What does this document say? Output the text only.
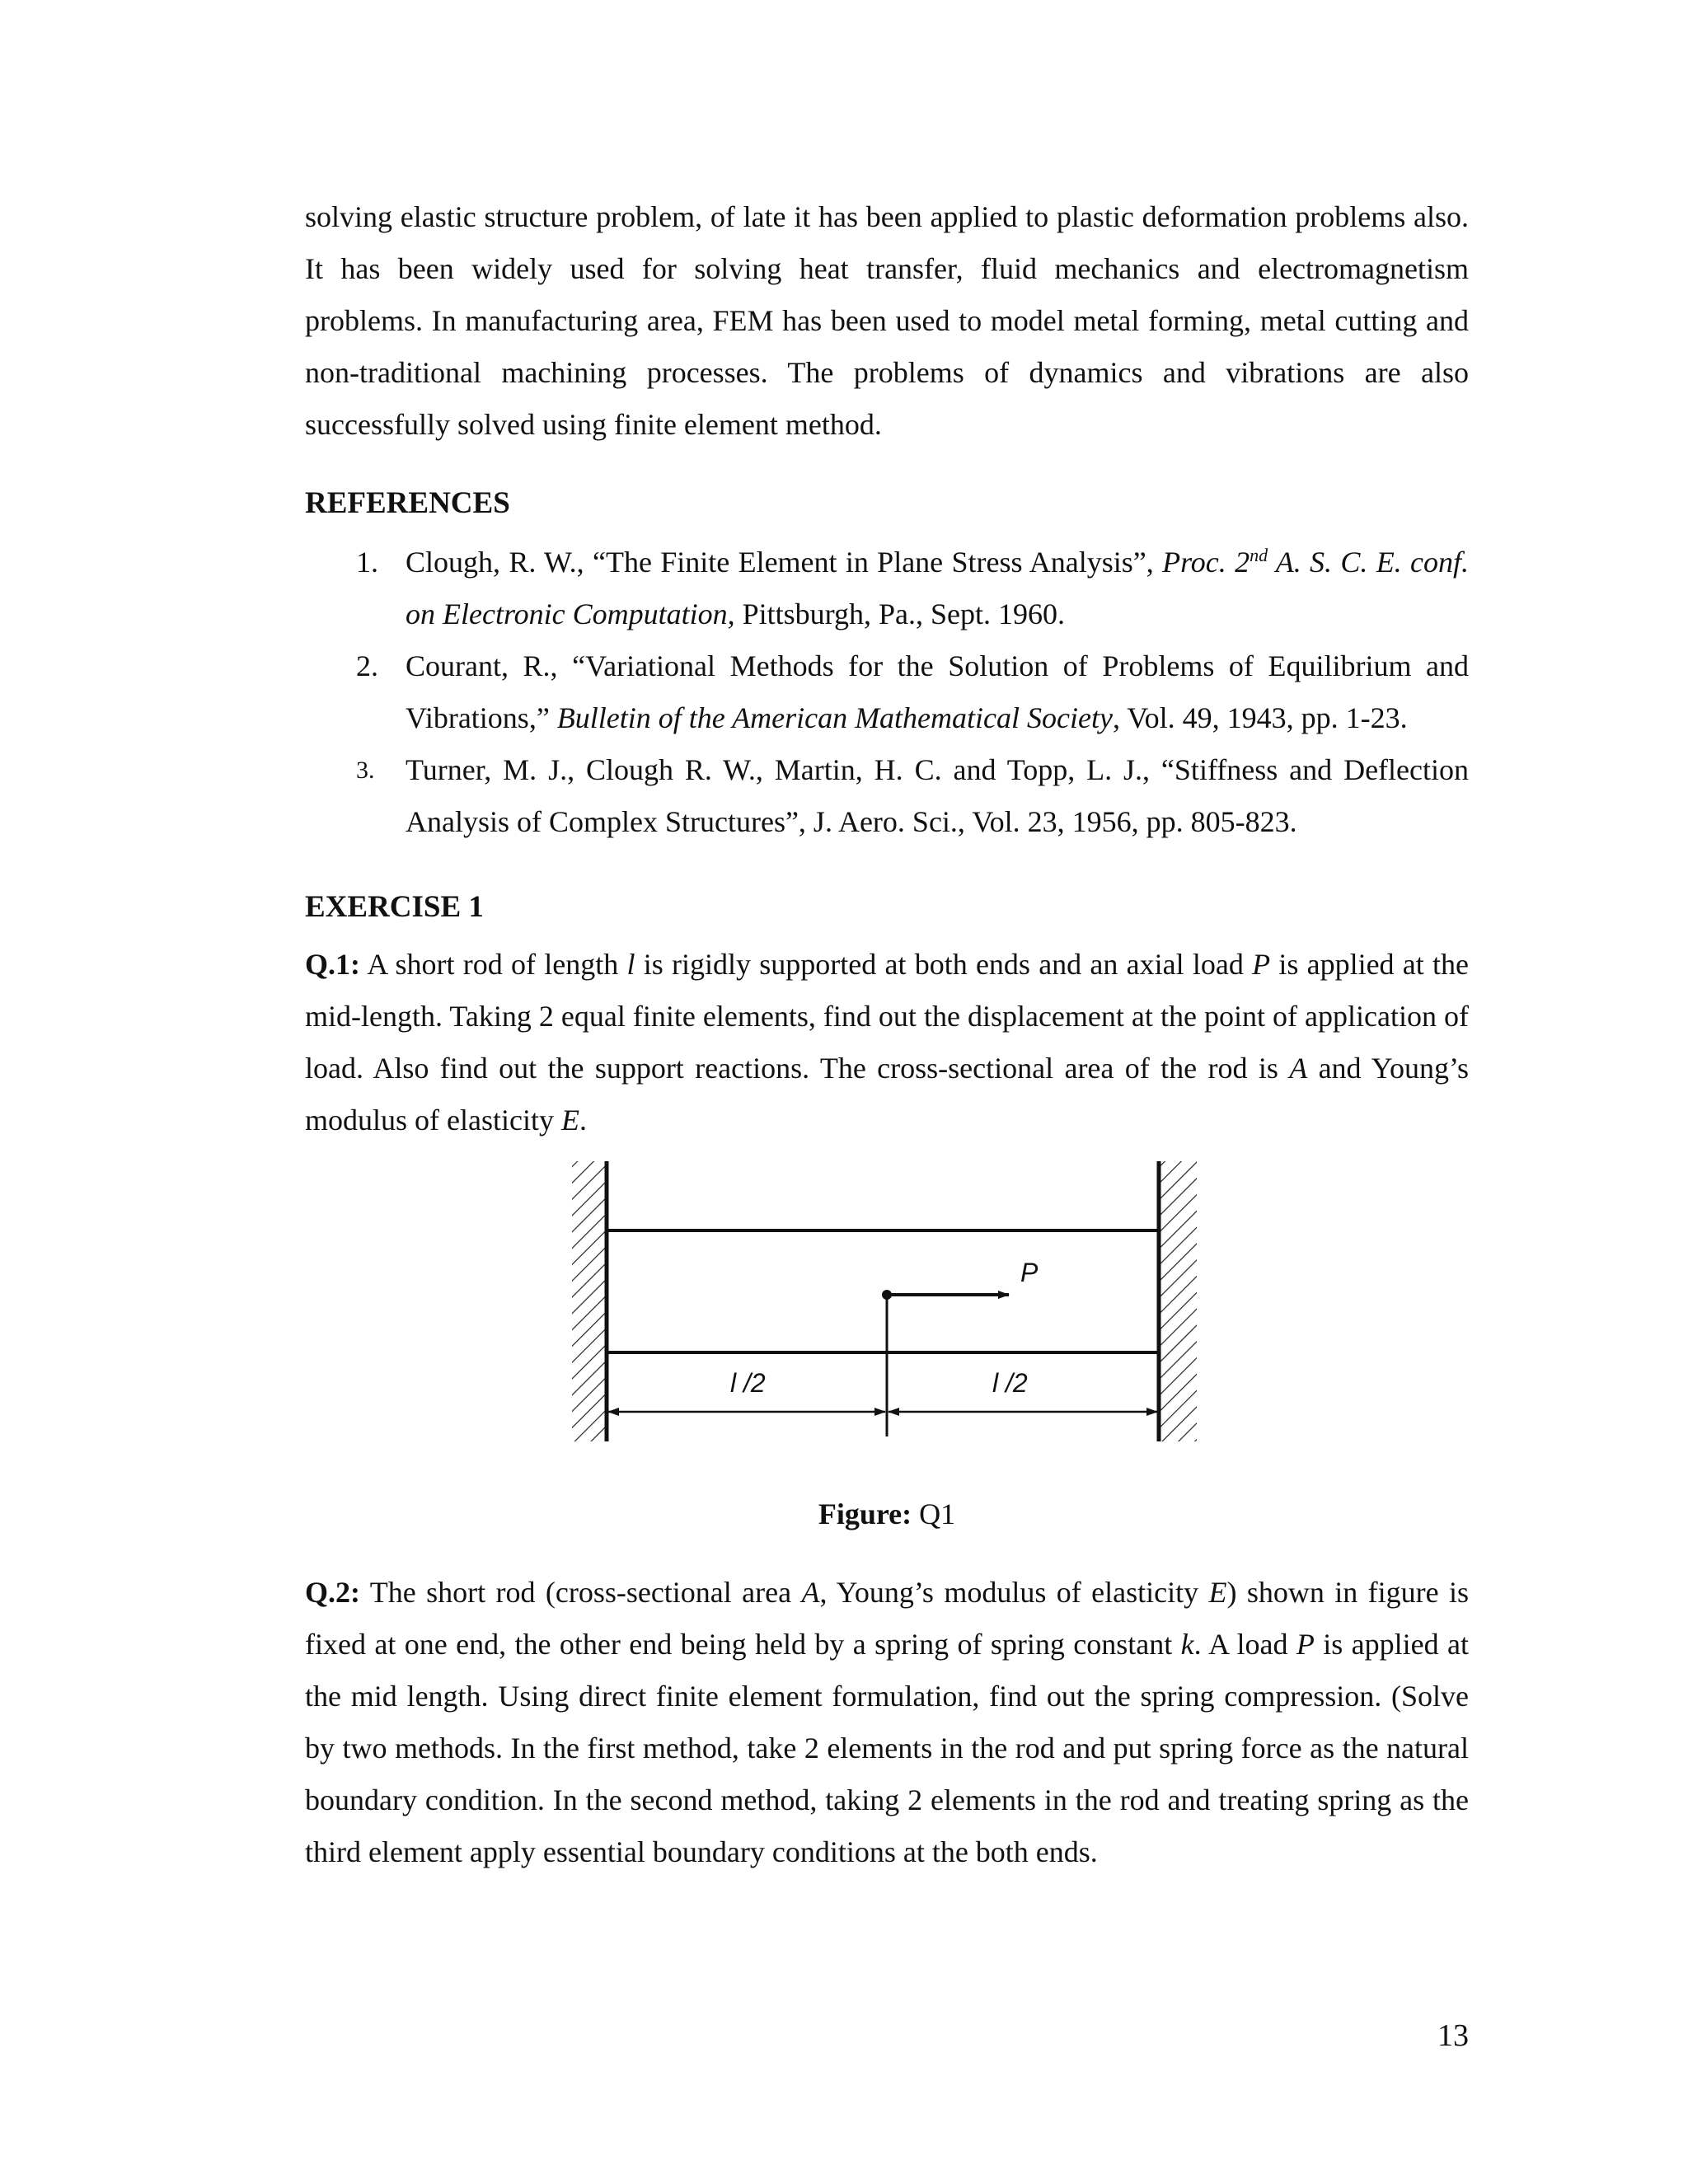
solving elastic structure problem, of late it has been applied to plastic deformation problems also. It has been widely used for solving heat transfer, fluid mechanics and electromagnetism problems. In manufacturing area, FEM has been used to model metal forming, metal cutting and non-traditional machining processes. The problems of dynamics and vibrations are also successfully solved using finite element method.

REFERENCES
1. Clough, R. W., “The Finite Element in Plane Stress Analysis”, Proc. 2nd A. S. C. E. conf. on Electronic Computation, Pittsburgh, Pa., Sept. 1960.
2. Courant, R., “Variational Methods for the Solution of Problems of Equilibrium and Vibrations,” Bulletin of the American Mathematical Society, Vol. 49, 1943, pp. 1-23.
3.	Turner, M. J., Clough R. W., Martin, H. C. and Topp, L. J., “Stiffness and Deflection Analysis of Complex Structures”, J. Aero. Sci., Vol. 23, 1956, pp. 805-823.
EXERCISE 1

Q.1: A short rod of length l is rigidly supported at both ends and an axial load P is applied at the mid-length. Taking 2 equal finite elements, find out the displacement at the point of application of load. Also find out the support reactions. The cross-sectional area of the rod is A and Young’s modulus of elasticity E.

P
l /2	l /2

Figure: Q1

Q.2: The short rod (cross-sectional area A, Young’s modulus of elasticity E) shown in figure is fixed at one end, the other end being held by a spring of spring constant k. A load P is applied at the mid length. Using direct finite element formulation, find out the spring compression. (Solve by two methods. In the first method, take 2 elements in the rod and put spring force as the natural boundary condition. In the second method, taking 2 elements in the rod and treating spring as the third element apply essential boundary conditions at the both ends.

13
